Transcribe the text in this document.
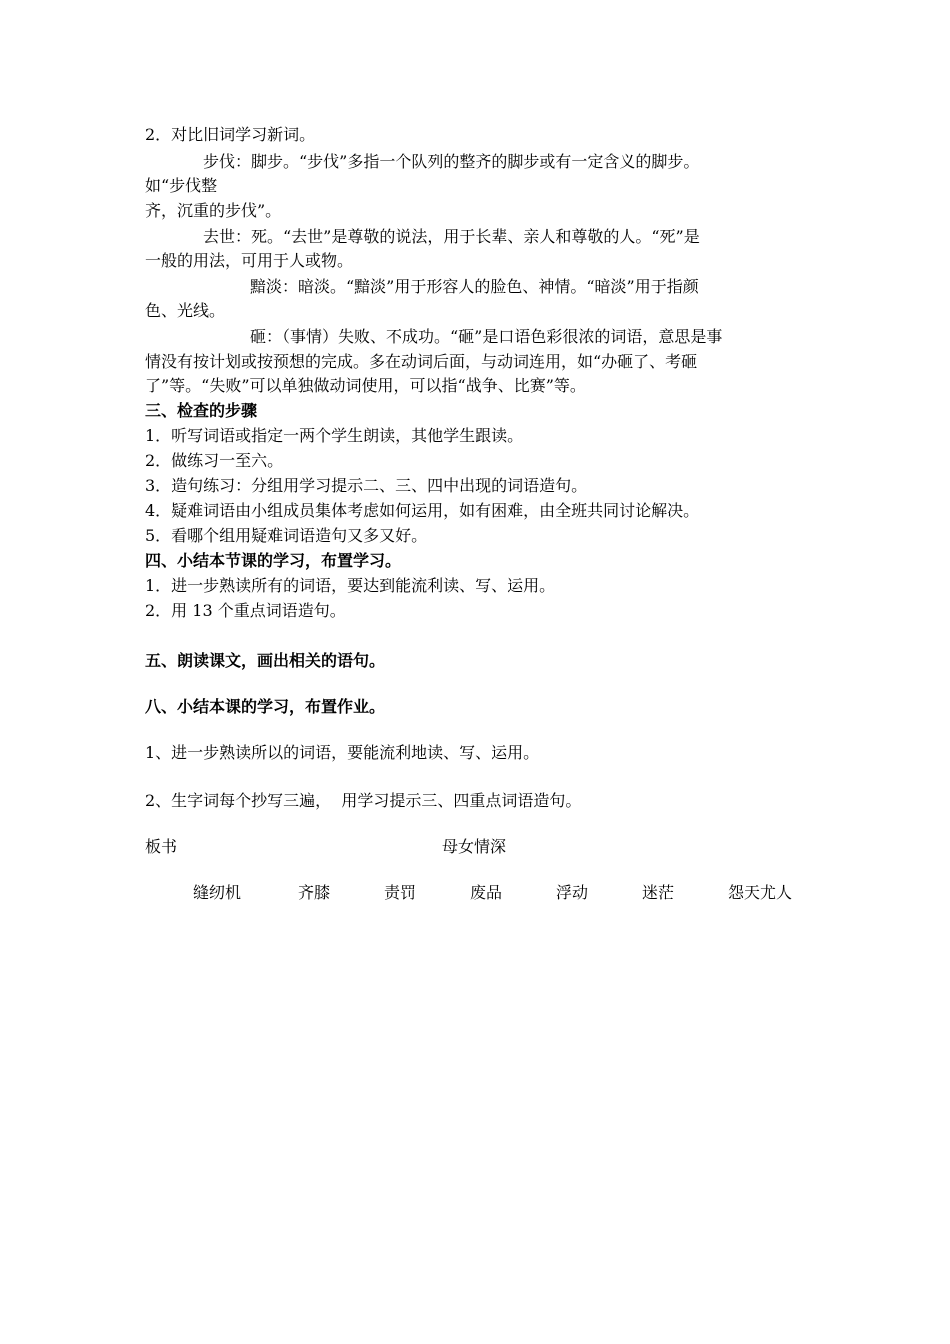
2．对比旧词学习新词。
步伐：脚步。“步伐”多指一个队列的整齐的脚步或有一定含义的脚步。
如“步伐整
齐，沉重的步伐”。
去世：死。“去世”是尊敬的说法，用于长辈、亲人和尊敬的人。“死”是
一般的用法，可用于人或物。
黯淡：暗淡。“黯淡”用于形容人的脸色、神情。“暗淡”用于指颜
色、光线。
砸：（事情）失败、不成功。“砸”是口语色彩很浓的词语，意思是事
情没有按计划或按预想的完成。多在动词后面，与动词连用，如“办砸了、考砸
了”等。“失败”可以单独做动词使用，可以指“战争、比赛”等。
三、检查的步骤
1．听写词语或指定一两个学生朗读，其他学生跟读。
2．做练习一至六。
3．造句练习：分组用学习提示二、三、四中出现的词语造句。
4．疑难词语由小组成员集体考虑如何运用，如有困难，由全班共同讨论解决。
5．看哪个组用疑难词语造句又多又好。
四、小结本节课的学习，布置学习。
1．进一步熟读所有的词语，要达到能流利读、写、运用。
2．用 13 个重点词语造句。
五、朗读课文，画出相关的语句。
八、小结本课的学习，布置作业。
1、进一步熟读所以的词语，要能流利地读、写、运用。
2、生字词每个抄写三遍，  用学习提示三、四重点词语造句。
板书	母女情深
缝纫机	齐膝	责罚	废品	浮动	迷茫	怨天尤人
